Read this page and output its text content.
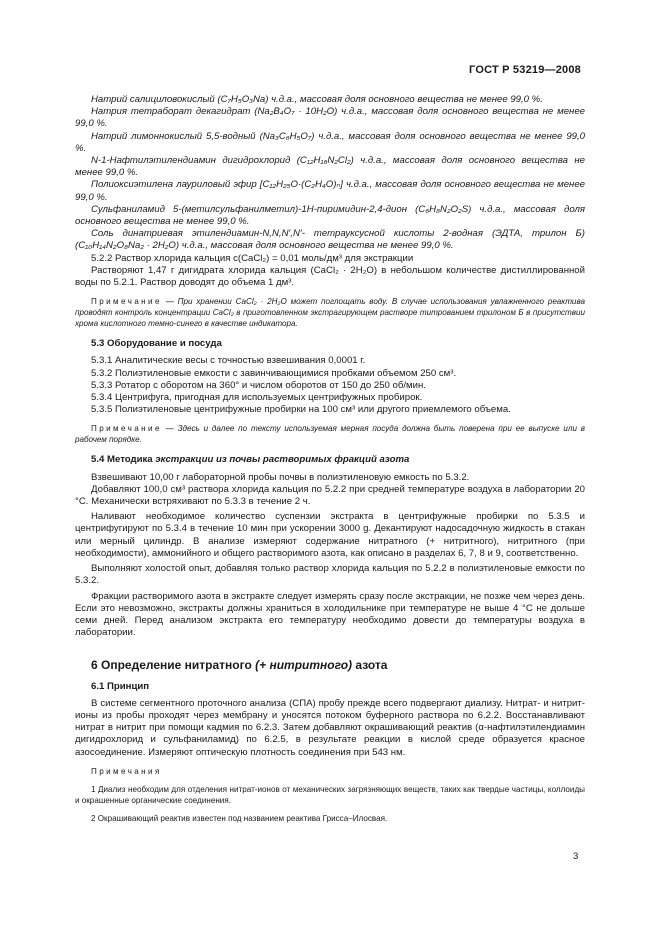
ГОСТ Р 53219—2008

Натрий салициловокислый (C₇H₅O₃Na) ч.д.а., массовая доля основного вещества не менее 99,0 %.

Натрия тетраборат декагидрат (Na₂B₄O₇ · 10H₂O) ч.д.а., массовая доля основного вещества не менее 99,0 %.

Натрий лимоннокислый 5,5-водный (Na₃C₆H₅O₇) ч.д.а., массовая доля основного вещества не менее 99,0 %.

N-1-Нафтилэтилендиамин дигидрохлорид (C₁₂H₁₆N₂Cl₂) ч.д.а., массовая доля основного вещества не менее 99,0 %.

Полиоксиэтилена лауриловый эфир [C₁₂H₂₅O·(C₂H₄O)ₙ] ч.д.а., массовая доля основного вещества не менее 99,0 %.

Сульфаниламид 5-(метилсульфанилметил)-1Н-пиримидин-2,4-дион (C₆H₈N₂O₂S) ч.д.а., массовая доля основного вещества не менее 99,0 %.

Соль динатриевая этилендиамин-N,N,N′,N′- тетрауксусной кислоты 2-водная (ЭДТА, трилон Б) (C₁₀H₁₄N₂O₈Na₂ · 2H₂O) ч.д.а., массовая доля основного вещества не менее 99,0 %.

5.2.2 Раствор хлорида кальция c(CaCl₂) = 0,01 моль/дм³ для экстракции

Растворяют 1,47 г дигидрата хлорида кальция (CaCl₂ · 2H₂O) в небольшом количестве дистиллированной воды по 5.2.1. Раствор доводят до объема 1 дм³.

Примечание — При хранении CaCl₂ · 2H₂O может поглощать воду. В случае использования увлажненного реактива проводят контроль концентрации CaCl₂ в приготовленном экстрагирующем растворе титрованием трилоном Б в присутствии хрома кислотного темно-синего в качестве индикатора.

5.3 Оборудование и посуда

5.3.1 Аналитические весы с точностью взвешивания 0,0001 г.

5.3.2 Полиэтиленовые емкости с завинчивающимися пробками объемом 250 см³.

5.3.3 Ротатор с оборотом на 360° и числом оборотов от 150 до 250 об/мин.

5.3.4 Центрифуга, пригодная для используемых центрифужных пробирок.

5.3.5 Полиэтиленовые центрифужные пробирки на 100 см³ или другого приемлемого объема.

Примечание — Здесь и далее по тексту используемая мерная посуда должна быть поверена при ее выпуске или в рабочем порядке.

5.4 Методика экстракции из почвы растворимых фракций азота

Взвешивают 10,00 г лабораторной пробы почвы в полиэтиленовую емкость по 5.3.2.

Добавляют 100,0 см³ раствора хлорида кальция по 5.2.2 при средней температуре воздуха в лаборатории 20 °С. Механически встряхивают по 5.3.3 в течение 2 ч.

Наливают необходимое количество суспензии экстракта в центрифужные пробирки по 5.3.5 и центрифугируют по 5.3.4 в течение 10 мин при ускорении 3000 g. Декантируют надосадочную жидкость в стакан или мерный цилиндр. В анализе измеряют содержание нитратного (+ нитритного), нитритного (при необходимости), аммонийного и общего растворимого азота, как описано в разделах 6, 7, 8 и 9, соответственно.

Выполняют холостой опыт, добавляя только раствор хлорида кальция по 5.2.2 в полиэтиленовые емкости по 5.3.2.

Фракции растворимого азота в экстракте следует измерять сразу после экстракции, не позже чем через день. Если это невозможно, экстракты должны храниться в холодильнике при температуре не выше 4 °С не дольше семи дней. Перед анализом экстракта его температуру необходимо довести до температуры воздуха в лаборатории.

6 Определение нитратного (+ нитритного) азота

6.1 Принцип

В системе сегментного проточного анализа (СПА) пробу прежде всего подвергают диализу. Нитрат- и нитрит-ионы из пробы проходят через мембрану и уносятся потоком буферного раствора по 6.2.2. Восстанавливают нитрат в нитрит при помощи кадмия по 6.2.3. Затем добавляют окрашивающий реактив (α-нафтилэтилендиамин дигидрохлорид и сульфаниламид) по 6.2.5, в результате реакции в кислой среде образуется красное азосоединение. Измеряют оптическую плотность соединения при 543 нм.

Примечания

1 Диализ необходим для отделения нитрат-ионов от механических загрязняющих веществ, таких как твердые частицы, коллоиды и окрашенные органические соединения.

2 Окрашивающий реактив известен под названием реактива Грисса–Илосвая.

3
